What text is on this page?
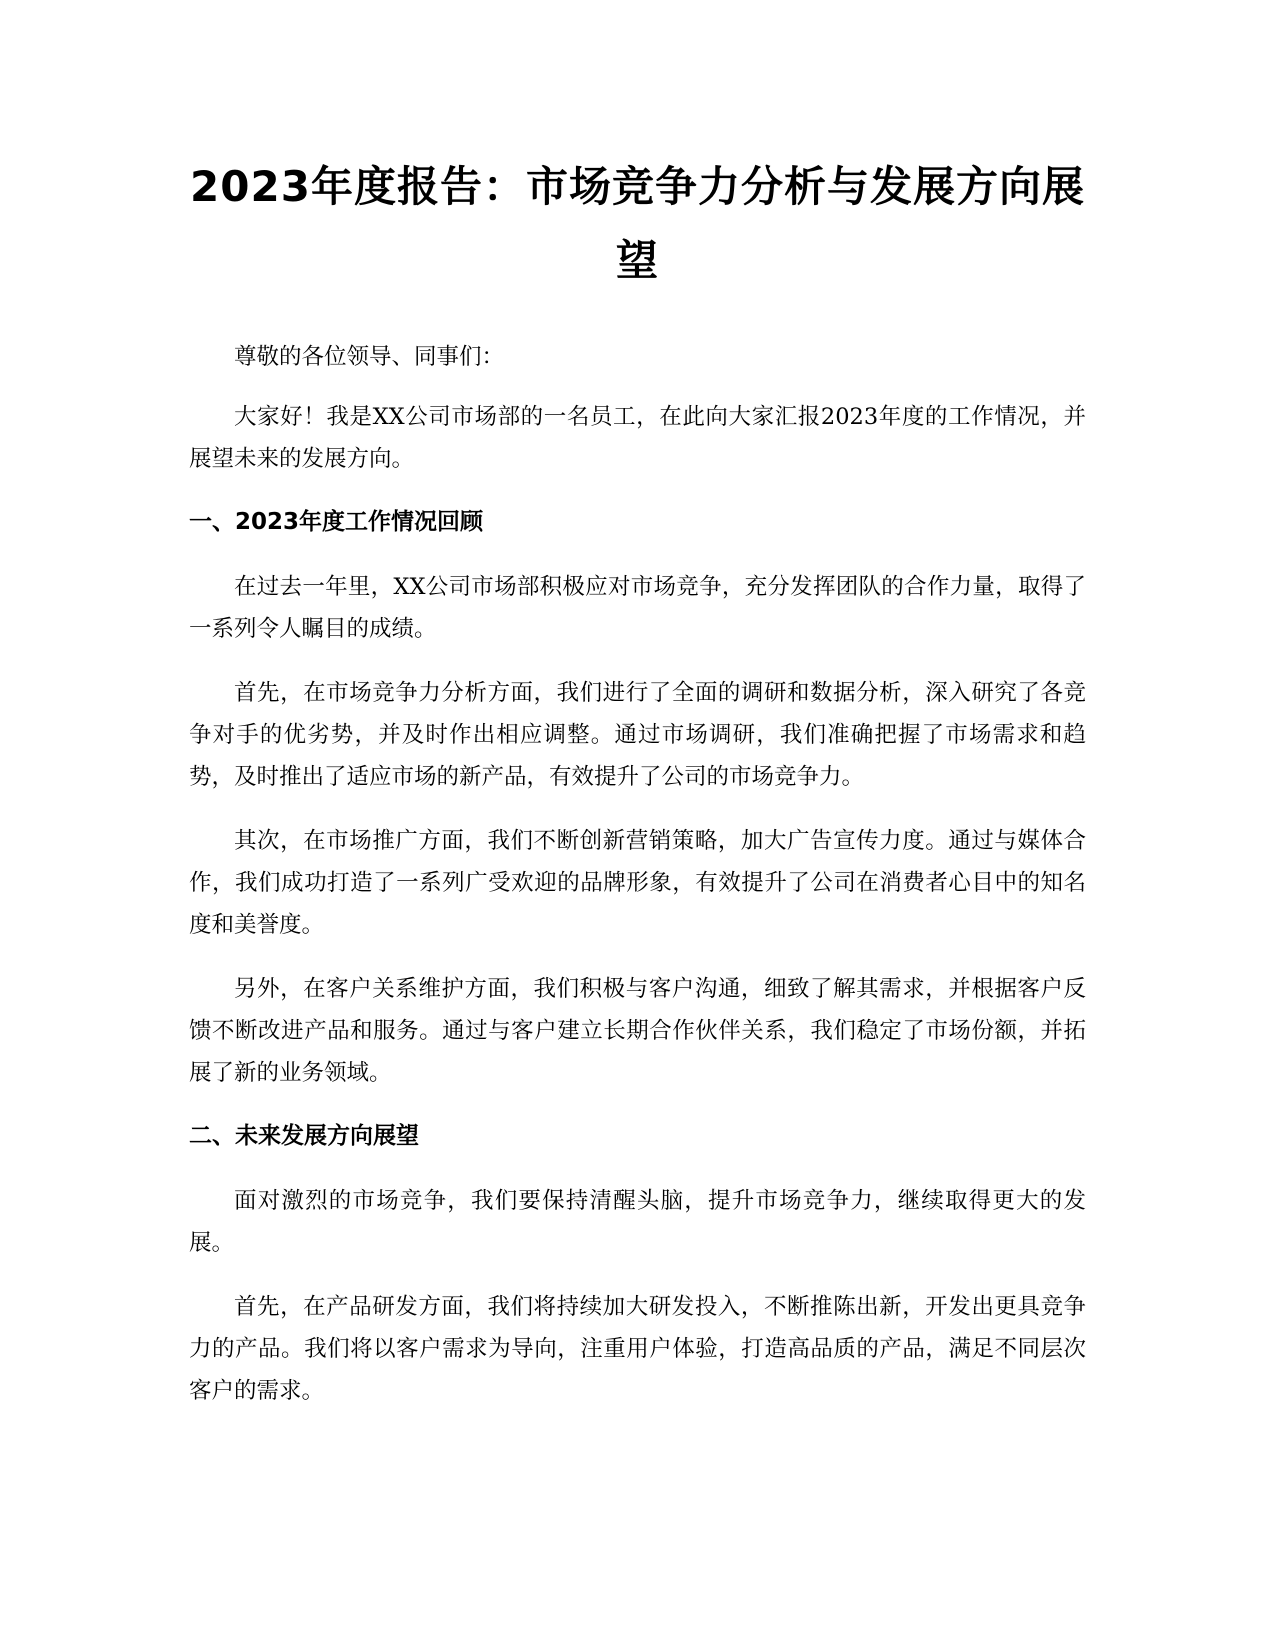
2023年度报告：市场竞争力分析与发展方向展望

尊敬的各位领导、同事们：

大家好！我是XX公司市场部的一名员工，在此向大家汇报2023年度的工作情况，并展望未来的发展方向。

一、2023年度工作情况回顾

在过去一年里，XX公司市场部积极应对市场竞争，充分发挥团队的合作力量，取得了一系列令人瞩目的成绩。

首先，在市场竞争力分析方面，我们进行了全面的调研和数据分析，深入研究了各竞争对手的优劣势，并及时作出相应调整。通过市场调研，我们准确把握了市场需求和趋势，及时推出了适应市场的新产品，有效提升了公司的市场竞争力。

其次，在市场推广方面，我们不断创新营销策略，加大广告宣传力度。通过与媒体合作，我们成功打造了一系列广受欢迎的品牌形象，有效提升了公司在消费者心目中的知名度和美誉度。

另外，在客户关系维护方面，我们积极与客户沟通，细致了解其需求，并根据客户反馈不断改进产品和服务。通过与客户建立长期合作伙伴关系，我们稳定了市场份额，并拓展了新的业务领域。

二、未来发展方向展望

面对激烈的市场竞争，我们要保持清醒头脑，提升市场竞争力，继续取得更大的发展。

首先，在产品研发方面，我们将持续加大研发投入，不断推陈出新，开发出更具竞争力的产品。我们将以客户需求为导向，注重用户体验，打造高品质的产品，满足不同层次客户的需求。
